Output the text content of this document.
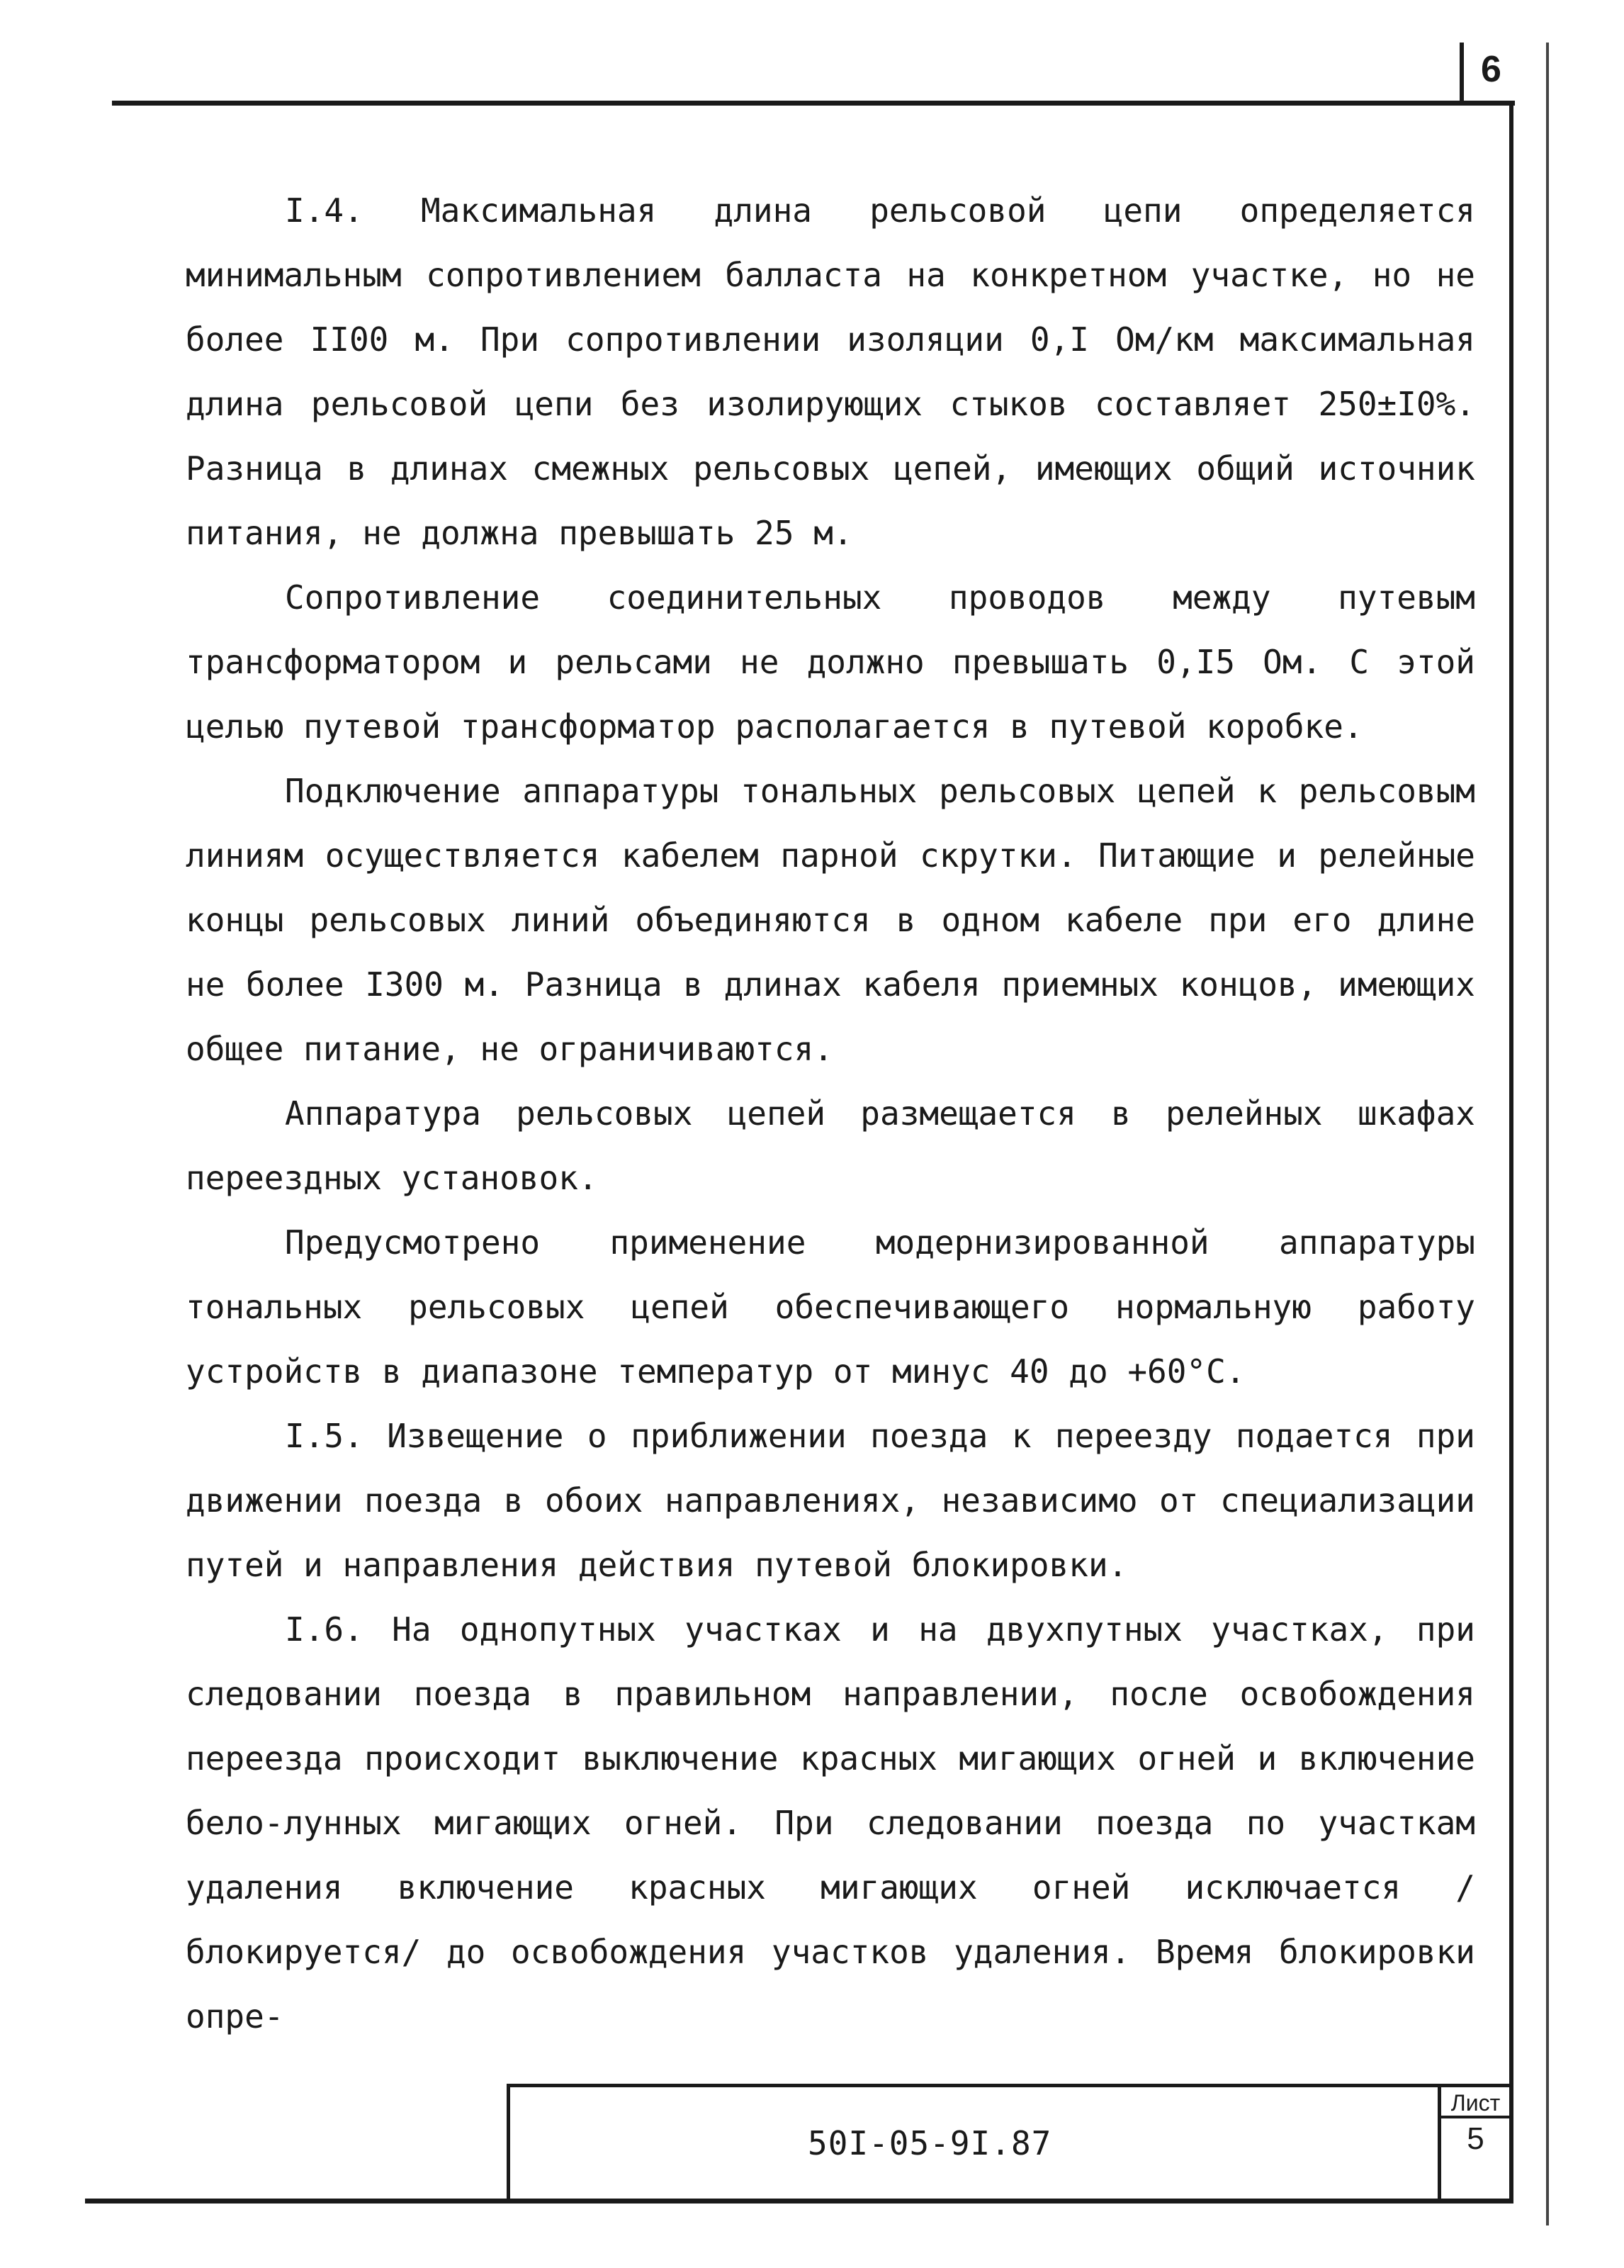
6

I.4. Максимальная длина рельсовой цепи определяется минимальным сопротивлением балласта на конкретном участке, но не более II00 м. При сопротивлении изоляции 0,I Ом/км максимальная длина рельсовой цепи без изолирующих стыков составляет 250±I0%. Разница в длинах смежных рельсовых цепей, имеющих общий источник питания, не должна превышать 25 м.

Сопротивление соединительных проводов между путевым трансформатором и рельсами не должно превышать 0,I5 Ом. С этой целью путевой трансформатор располагается в путевой коробке.

Подключение аппаратуры тональных рельсовых цепей к рельсовым линиям осуществляется кабелем парной скрутки. Питающие и релейные концы рельсовых линий объединяются в одном кабеле при его длине не более I300 м. Разница в длинах кабеля приемных концов, имеющих общее питание, не ограничиваются.

Аппаратура рельсовых цепей размещается в релейных шкафах переездных установок.

Предусмотрено применение модернизированной аппаратуры тональных рельсовых цепей обеспечивающего нормальную работу устройств в диапазоне температур от минус 40 до +60°С.

I.5. Извещение о приближении поезда к переезду подается при движении поезда в обоих направлениях, независимо от специализации путей и направления действия путевой блокировки.

I.6. На однопутных участках и на двухпутных участках, при следовании поезда в правильном направлении, после освобождения переезда происходит выключение красных мигающих огней и включение бело-лунных мигающих огней. При следовании поезда по участкам удаления включение красных мигающих огней исключается /блокируется/ до освобождения участков удаления. Время блокировки опре-

50I-05-9I.87
Лист
5
